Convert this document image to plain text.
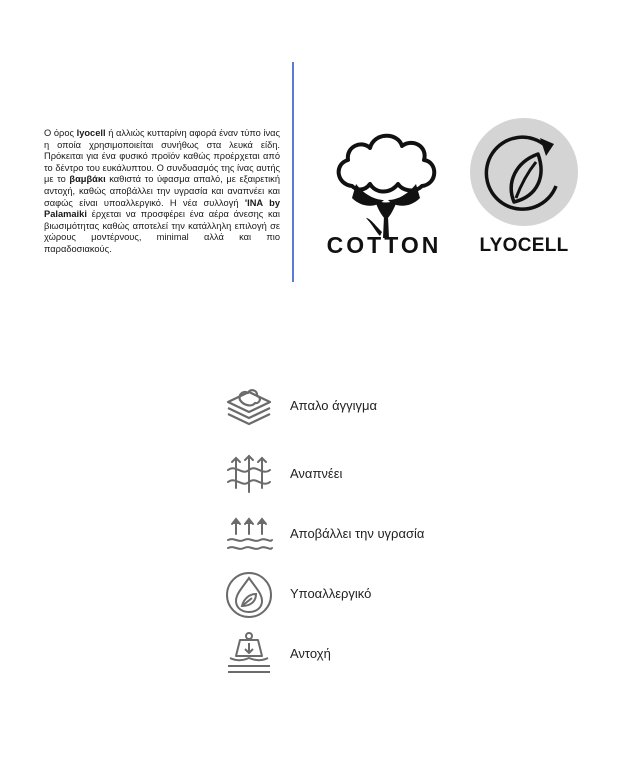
Ο όρος lyocell ή αλλιώς κυτταρίνη αφορά έναν τύπο ίνας η οποία χρησιμοποιείται συνήθως στα λευκά είδη. Πρόκειται για ένα φυσικό προϊόν καθώς προέρχεται από το δέντρο του ευκάλυπτου. Ο συνδυασμός της ίνας αυτής με το βαμβάκι καθιστά το ύφασμα απαλό, με εξαιρετική αντοχή, καθώς αποβάλλει την υγρασία και αναπνέει και σαφώς είναι υποαλλεργικό. Η νέα συλλογή 'INA by Palamaiki έρχεται να προσφέρει ένα αέρα άνεσης και βιωσιμότητας καθώς αποτελεί την κατάλληλη επιλογή σε χώρους μοντέρνους, minimal αλλά και πιο παραδοσιακούς.	COTTON	LYOCELL
Απαλο άγγιγμα
Αναπνέει
Αποβάλλει την υγρασία
Υποαλλεργικό
Αντοχή
